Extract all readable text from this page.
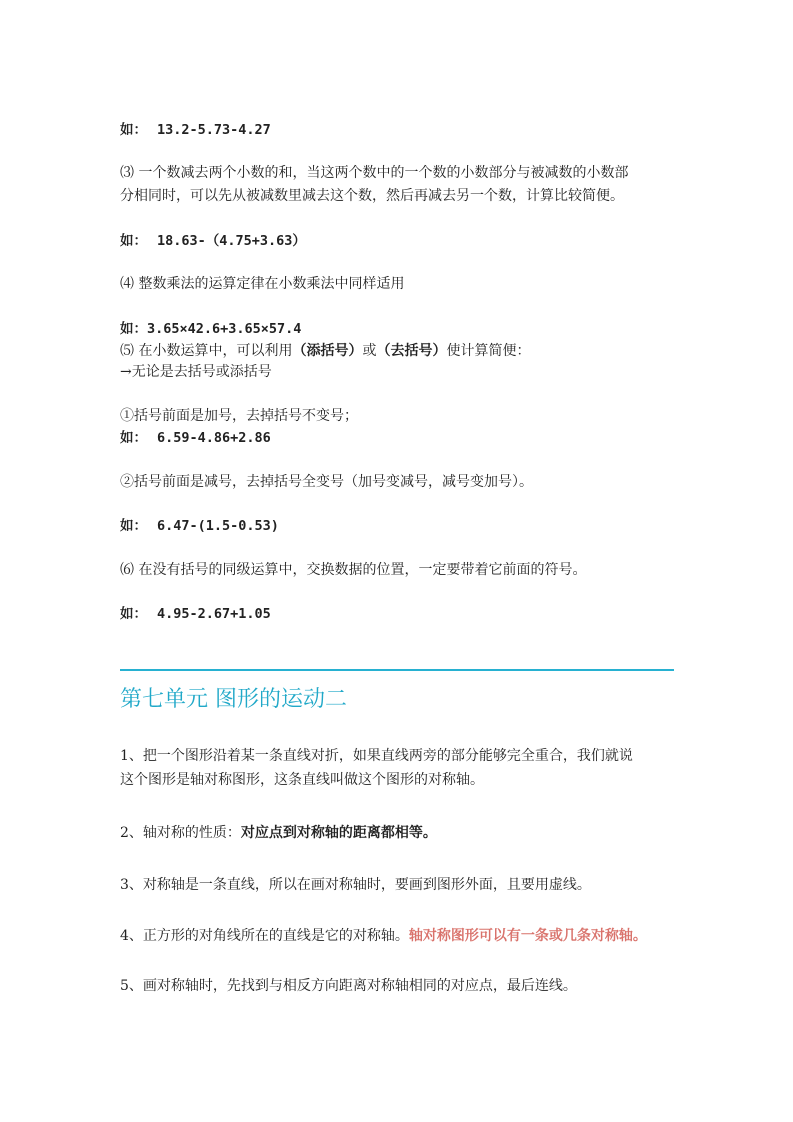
如： 13.2-5.73-4.27
⑶ 一个数减去两个小数的和，当这两个数中的一个数的小数部分与被减数的小数部
分相同时，可以先从被减数里减去这个数，然后再减去另一个数，计算比较简便。
如： 18.63-（4.75+3.63）
⑷ 整数乘法的运算定律在小数乘法中同样适用
如：3.65×42.6+3.65×57.4
⑸ 在小数运算中，可以利用（添括号）或（去括号）使计算简便：
→无论是去括号或添括号
①括号前面是加号，去掉括号不变号；
如： 6.59-4.86+2.86
②括号前面是减号，去掉括号全变号（加号变减号，减号变加号）。
如： 6.47-(1.5-0.53)
⑹ 在没有括号的同级运算中，交换数据的位置，一定要带着它前面的符号。
如： 4.95-2.67+1.05
第七单元 图形的运动二
1、把一个图形沿着某一条直线对折，如果直线两旁的部分能够完全重合，我们就说
这个图形是轴对称图形，这条直线叫做这个图形的对称轴。
2、轴对称的性质：对应点到对称轴的距离都相等。
3、对称轴是一条直线，所以在画对称轴时，要画到图形外面，且要用虚线。
4、正方形的对角线所在的直线是它的对称轴。轴对称图形可以有一条或几条对称轴。
5、画对称轴时，先找到与相反方向距离对称轴相同的对应点，最后连线。
